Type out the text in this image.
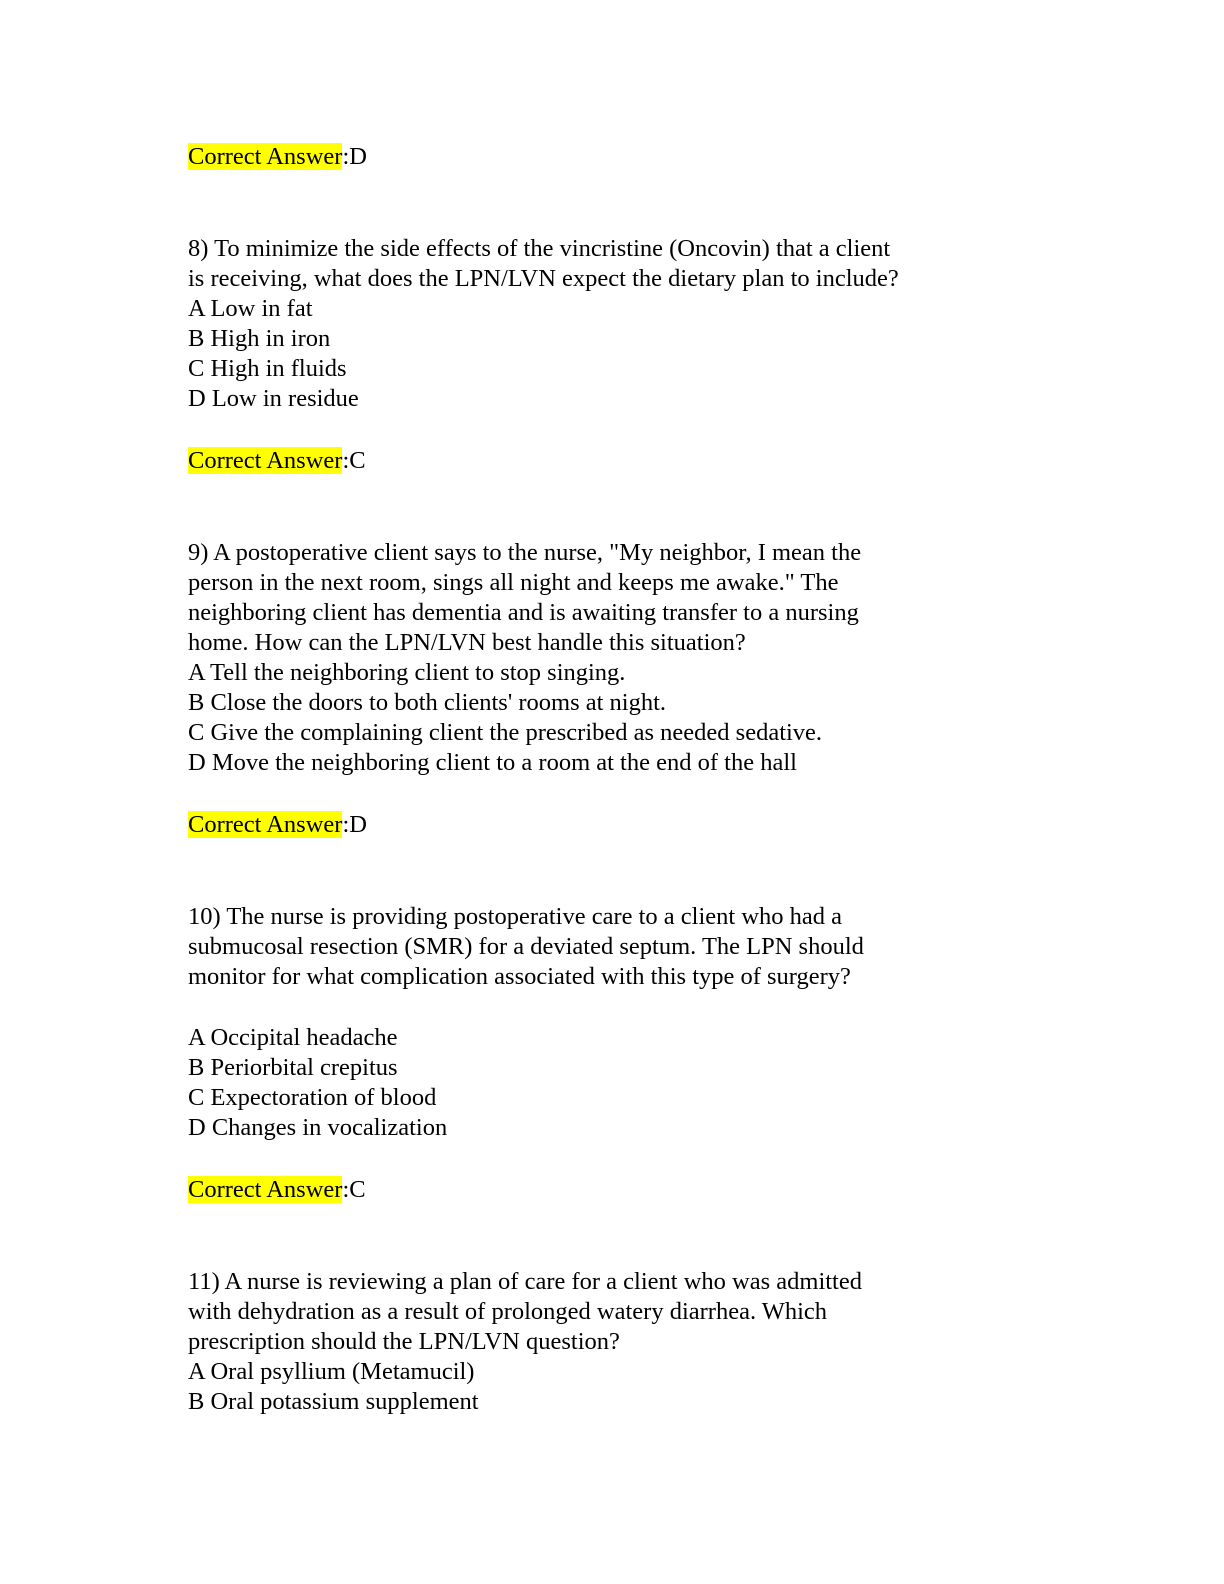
Correct Answer:D
8) To minimize the side effects of the vincristine (Oncovin) that a client
is receiving, what does the LPN/LVN expect the dietary plan to include?
A Low in fat
B High in iron
C High in fluids
D Low in residue
Correct Answer:C
9) A postoperative client says to the nurse, "My neighbor, I mean the
person in the next room, sings all night and keeps me awake." The
neighboring client has dementia and is awaiting transfer to a nursing
home. How can the LPN/LVN best handle this situation?
A Tell the neighboring client to stop singing.
B Close the doors to both clients' rooms at night.
C Give the complaining client the prescribed as needed sedative.
D Move the neighboring client to a room at the end of the hall
Correct Answer:D
10) The nurse is providing postoperative care to a client who had a
submucosal resection (SMR) for a deviated septum. The LPN should
monitor for what complication associated with this type of surgery?
A Occipital headache
B Periorbital crepitus
C Expectoration of blood
D Changes in vocalization
Correct Answer:C
11) A nurse is reviewing a plan of care for a client who was admitted
with dehydration as a result of prolonged watery diarrhea. Which
prescription should the LPN/LVN question?
A Oral psyllium (Metamucil)
B Oral potassium supplement
